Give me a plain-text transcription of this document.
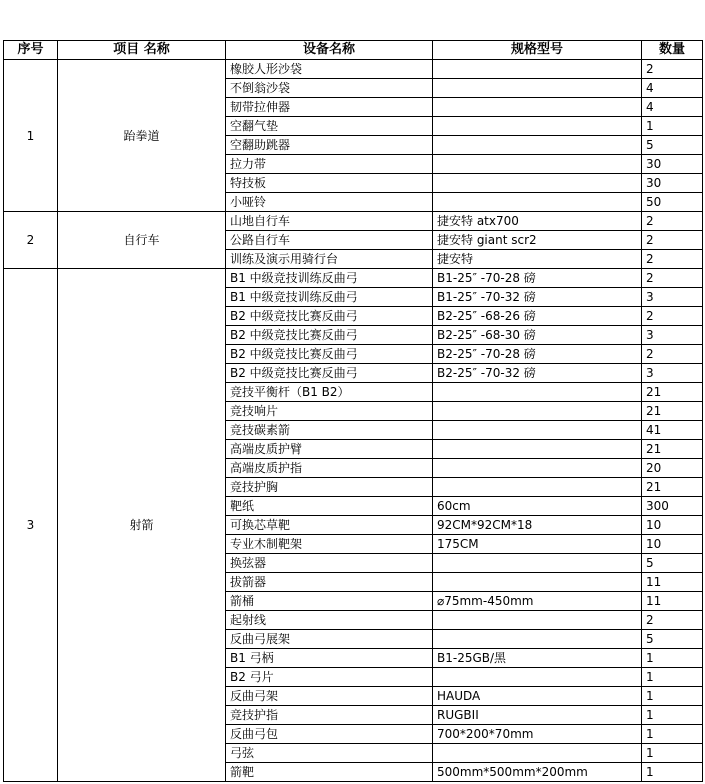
序号	项目 名称	设备名称	规格型号	数量
1	跆拳道	橡胶人形沙袋		2
		不倒翁沙袋		4
		韧带拉伸器		4
		空翻气垫		1
		空翻助跳器		5
		拉力带		30
		特技板		30
		小哑铃		50
2	自行车	山地自行车	捷安特 atx700	2
		公路自行车	捷安特 giant scr2	2
		训练及演示用骑行台	捷安特	2
3	射箭	B1 中级竞技训练反曲弓	B1-25″ -70-28 磅	2
		B1 中级竞技训练反曲弓	B1-25″ -70-32 磅	3
		B2 中级竞技比赛反曲弓	B2-25″ -68-26 磅	2
		B2 中级竞技比赛反曲弓	B2-25″ -68-30 磅	3
		B2 中级竞技比赛反曲弓	B2-25″ -70-28 磅	2
		B2 中级竞技比赛反曲弓	B2-25″ -70-32 磅	3
		竞技平衡杆（B1 B2）		21
		竞技响片		21
		竞技碳素箭		41
		高端皮质护臂		21
		高端皮质护指		20
		竞技护胸		21
		靶纸	60cm	300
		可换芯草靶	92CM*92CM*18	10
		专业木制靶架	175CM	10
		换弦器		5
		拔箭器		11
		箭桶	⌀75mm-450mm	11
		起射线		2
		反曲弓展架		5
		B1 弓柄	B1-25GB/黑	1
		B2 弓片		1
		反曲弓架	HAUDA	1
		竞技护指	RUGBII	1
		反曲弓包	700*200*70mm	1
		弓弦		1
		箭靶	500mm*500mm*200mm	1
